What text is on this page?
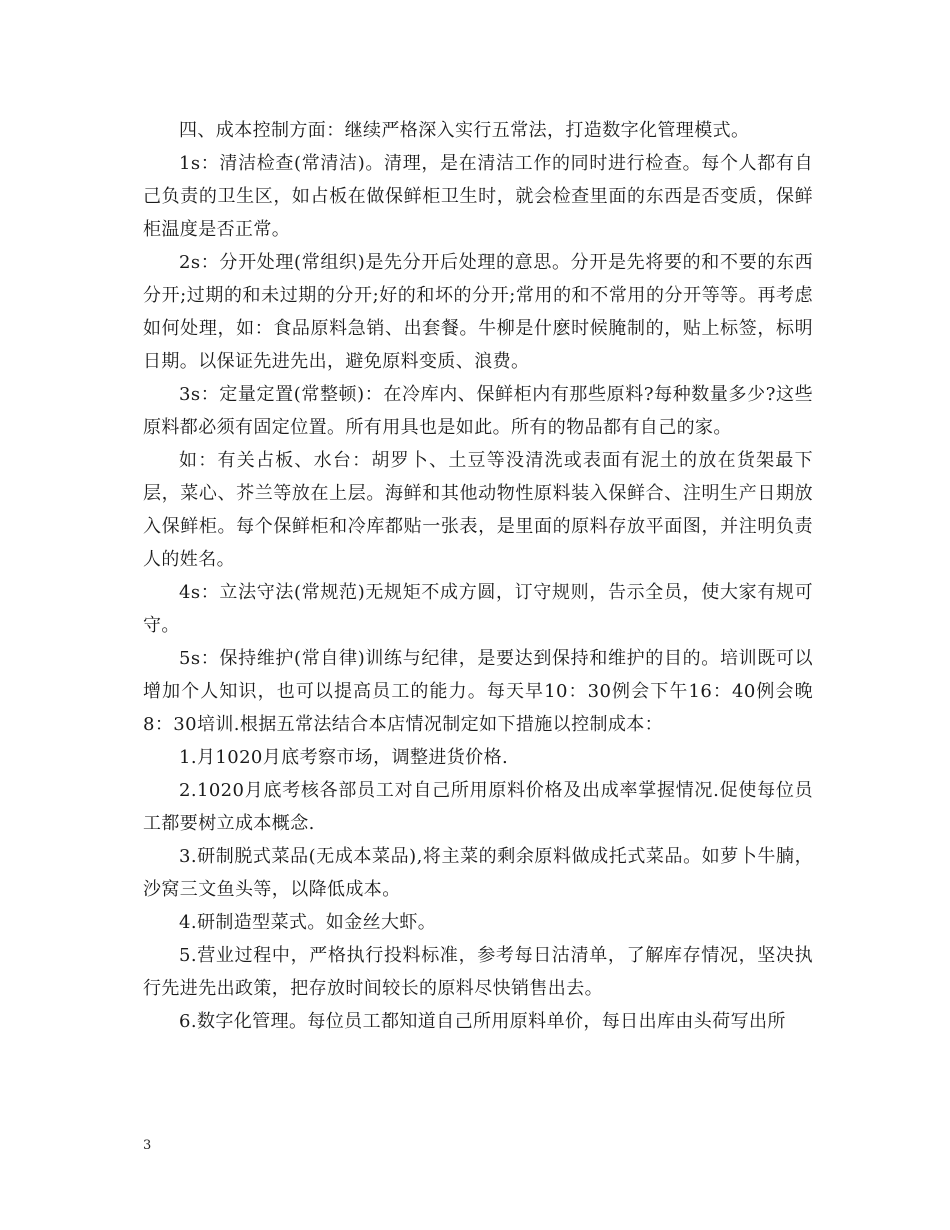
四、成本控制方面：继续严格深入实行五常法，打造数字化管理模式。

1s：清洁检查(常清洁)。清理，是在清洁工作的同时进行检查。每个人都有自己负责的卫生区，如占板在做保鲜柜卫生时，就会检查里面的东西是否变质，保鲜柜温度是否正常。

2s：分开处理(常组织)是先分开后处理的意思。分开是先将要的和不要的东西分开;过期的和未过期的分开;好的和坏的分开;常用的和不常用的分开等等。再考虑如何处理，如：食品原料急销、出套餐。牛柳是什麽时候腌制的，贴上标签，标明日期。以保证先进先出，避免原料变质、浪费。

3s：定量定置(常整顿)：在冷库内、保鲜柜内有那些原料?每种数量多少?这些原料都必须有固定位置。所有用具也是如此。所有的物品都有自己的家。

如：有关占板、水台：胡罗卜、土豆等没清洗或表面有泥土的放在货架最下层，菜心、芥兰等放在上层。海鲜和其他动物性原料装入保鲜合、注明生产日期放入保鲜柜。每个保鲜柜和冷库都贴一张表，是里面的原料存放平面图，并注明负责人的姓名。

4s：立法守法(常规范)无规矩不成方圆，订守规则，告示全员，使大家有规可守。

5s：保持维护(常自律)训练与纪律，是要达到保持和维护的目的。培训既可以增加个人知识，也可以提高员工的能力。每天早10：30例会下午16：40例会晚8：30培训.根据五常法结合本店情况制定如下措施以控制成本：

1.月1020月底考察市场，调整进货价格.

2.1020月底考核各部员工对自己所用原料价格及出成率掌握情况.促使每位员工都要树立成本概念.

3.研制脱式菜品(无成本菜品),将主菜的剩余原料做成托式菜品。如萝卜牛腩，沙窝三文鱼头等，以降低成本。

4.研制造型菜式。如金丝大虾。

5.营业过程中，严格执行投料标准，参考每日沽清单，了解库存情况，坚决执行先进先出政策，把存放时间较长的原料尽快销售出去。

6.数字化管理。每位员工都知道自己所用原料单价，每日出库由头荷写出所

3
